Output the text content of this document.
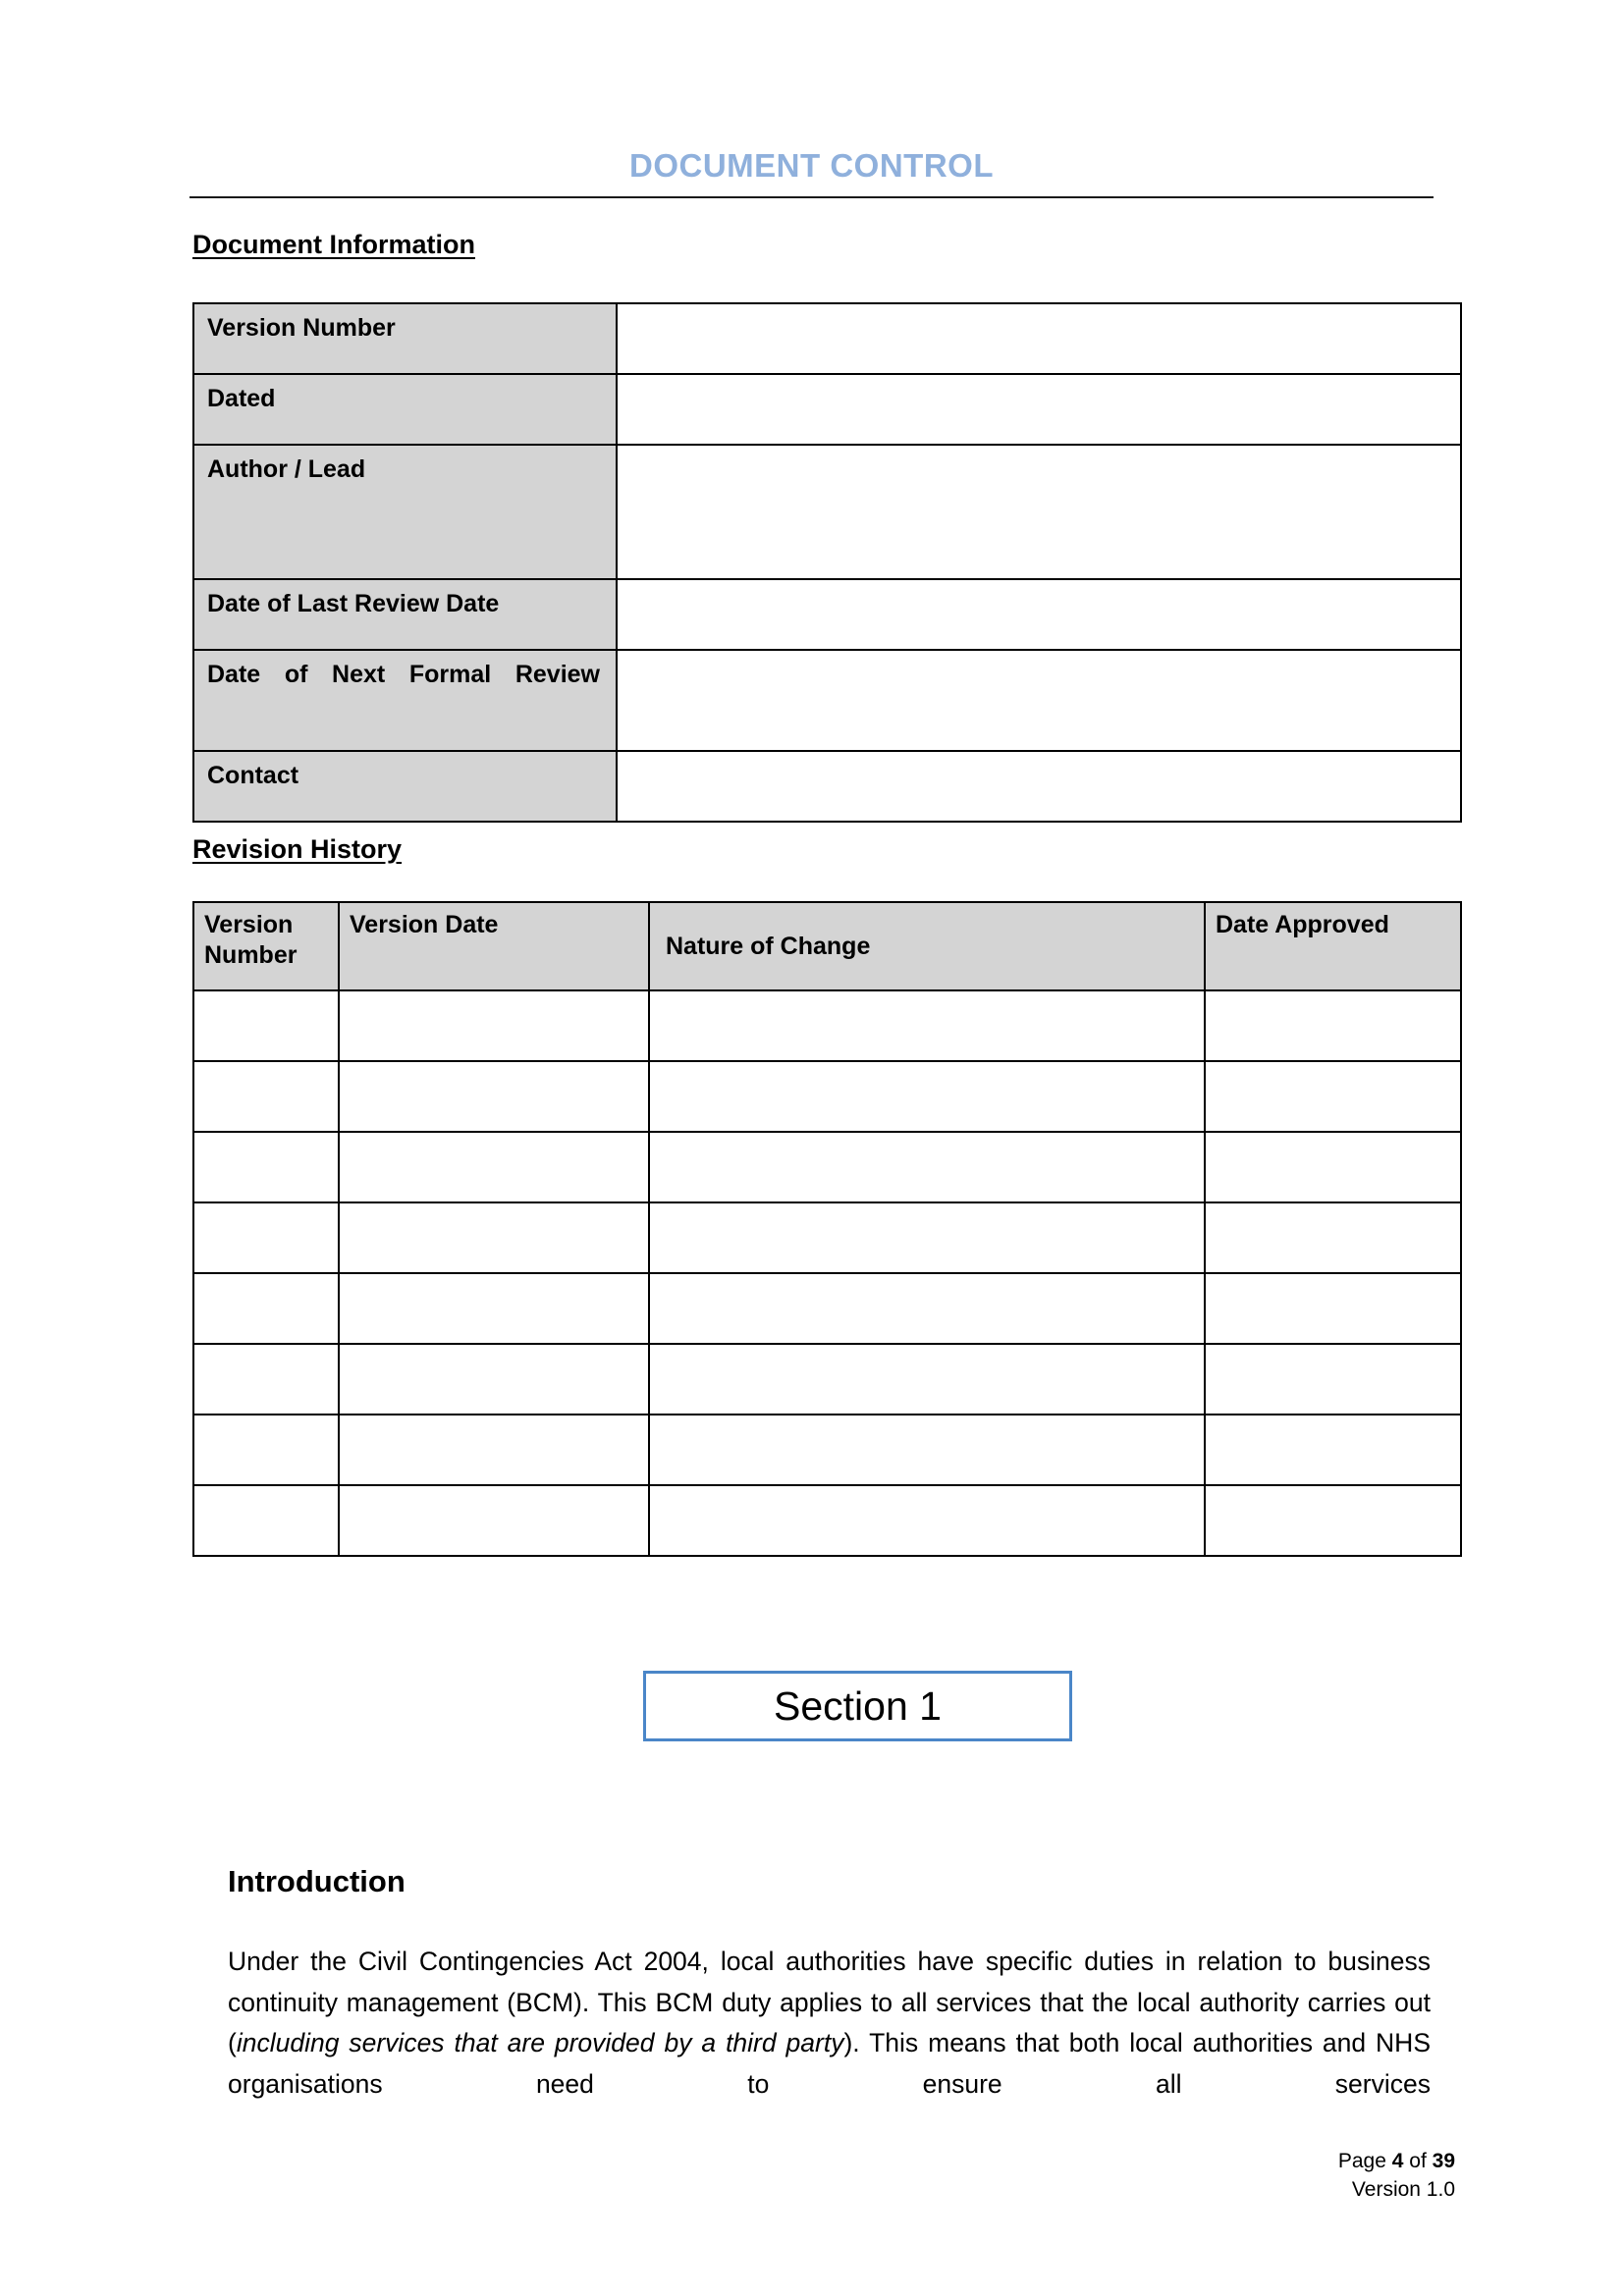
DOCUMENT CONTROL
Document Information
Version Number	
Dated	
Author / Lead	
Date of Last Review Date	
Date of Next Formal Review	
Contact	
Revision History
Version Number	Version Date	Nature of Change	Date Approved

Section 1
Introduction
Under the Civil Contingencies Act 2004, local authorities have specific duties in relation to business continuity management (BCM). This BCM duty applies to all services that the local authority carries out (including services that are provided by a third party). This means that both local authorities and NHS organisations need to ensure all services
Page 4 of 39
Version 1.0
